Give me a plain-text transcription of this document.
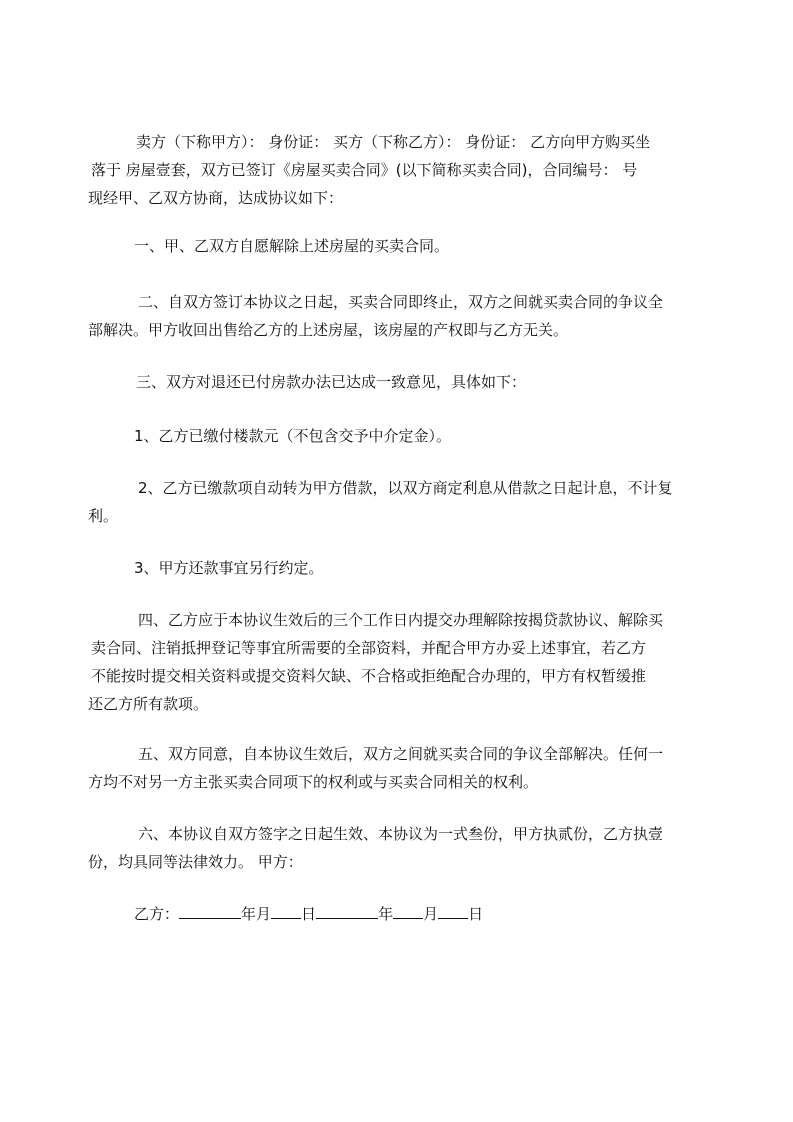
卖方（下称甲方）： 身份证： 买方（下称乙方）： 身份证： 乙方向甲方购买坐
落于 房屋壹套，双方已签订《房屋买卖合同》(以下简称买卖合同)，合同编号： 号
现经甲、乙双方协商，达成协议如下：
一、甲、乙双方自愿解除上述房屋的买卖合同。
二、自双方签订本协议之日起，买卖合同即终止，双方之间就买卖合同的争议全
部解决。甲方收回出售给乙方的上述房屋，该房屋的产权即与乙方无关。
三、双方对退还已付房款办法已达成一致意见，具体如下：
1、乙方已缴付楼款元（不包含交予中介定金）。
2、乙方已缴款项自动转为甲方借款，以双方商定利息从借款之日起计息，不计复
利。
3、甲方还款事宜另行约定。
四、乙方应于本协议生效后的三个工作日内提交办理解除按揭贷款协议、解除买
卖合同、注销抵押登记等事宜所需要的全部资料，并配合甲方办妥上述事宜，若乙方
不能按时提交相关资料或提交资料欠缺、不合格或拒绝配合办理的，甲方有权暂缓推
还乙方所有款项。
五、双方同意，自本协议生效后，双方之间就买卖合同的争议全部解决。任何一
方均不对另一方主张买卖合同项下的权利或与买卖合同相关的权利。
六、本协议自双方签字之日起生效、本协议为一式叁份，甲方执贰份，乙方执壹
份，均具同等法律效力。 甲方：
乙方：	年月 日	年 月 日
